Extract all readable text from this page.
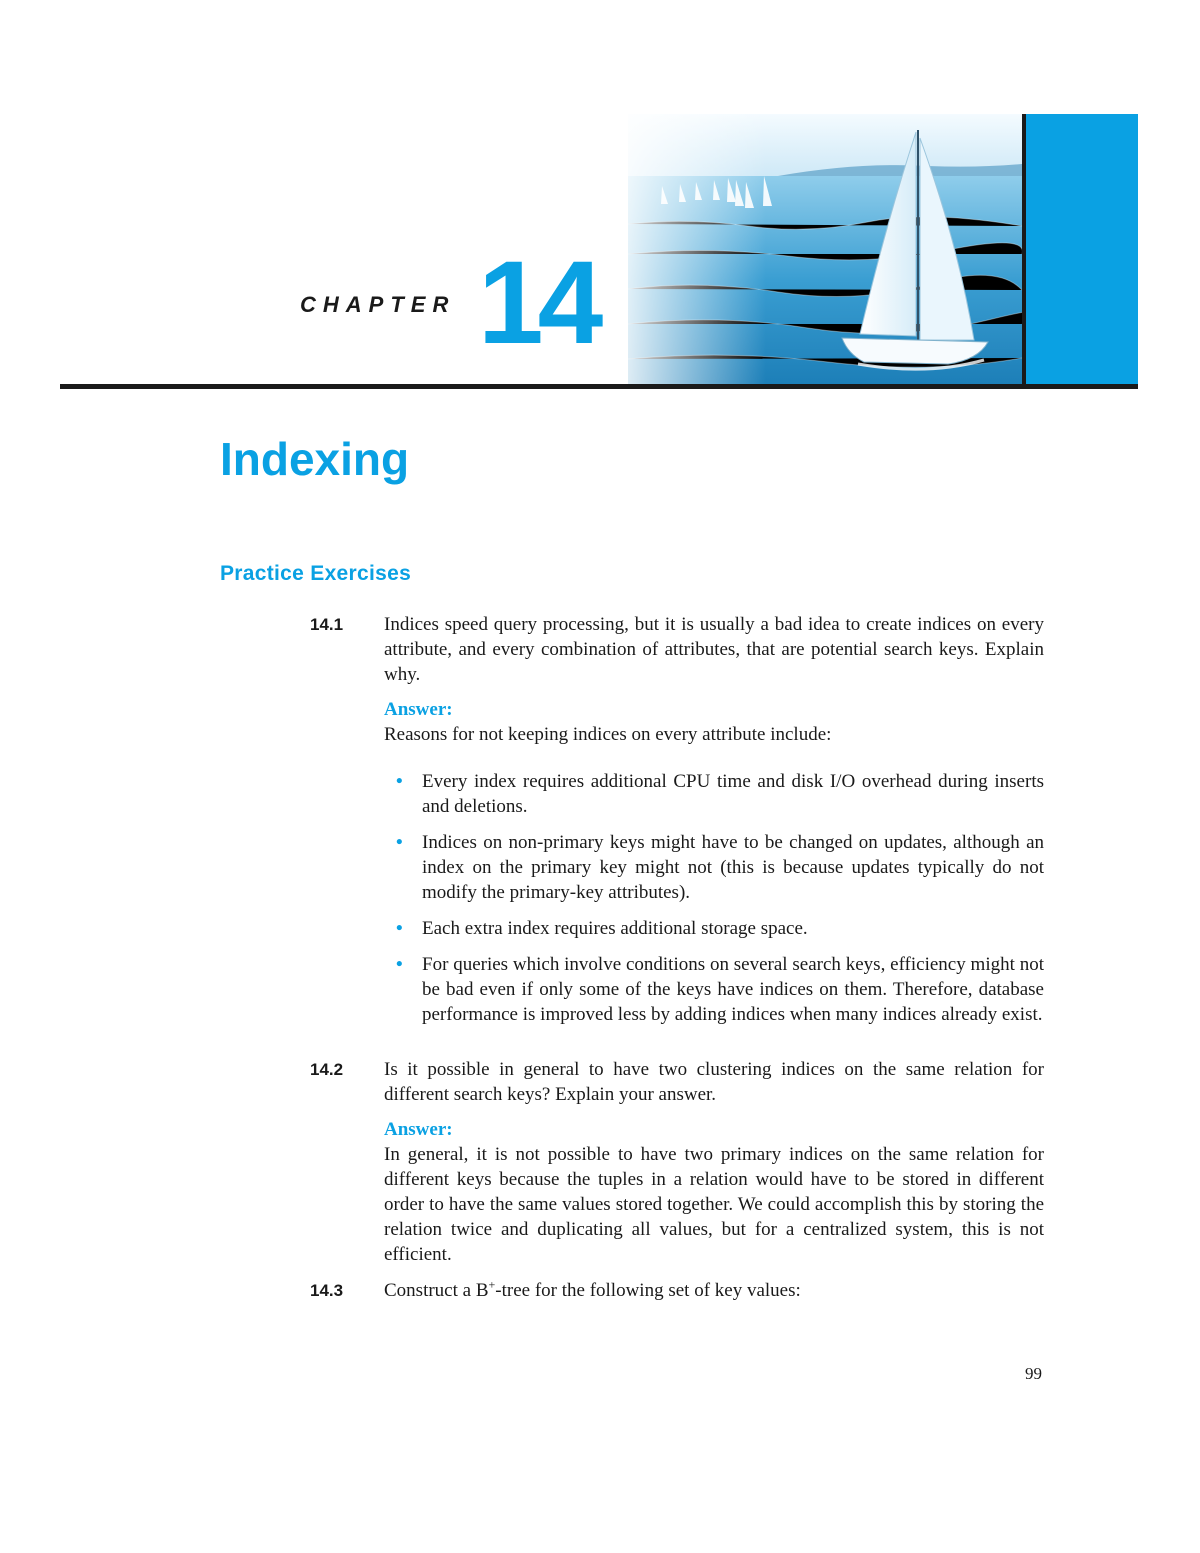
CHAPTER 14
Indexing
Practice Exercises
14.1 Indices speed query processing, but it is usually a bad idea to create indices on every attribute, and every combination of attributes, that are potential search keys. Explain why.

Answer:

Reasons for not keeping indices on every attribute include:

• Every index requires additional CPU time and disk I/O overhead during inserts and deletions.
• Indices on non-primary keys might have to be changed on updates, although an index on the primary key might not (this is because updates typically do not modify the primary-key attributes).
• Each extra index requires additional storage space.
• For queries which involve conditions on several search keys, efficiency might not be bad even if only some of the keys have indices on them. Therefore, database performance is improved less by adding indices when many indices already exist.
14.2 Is it possible in general to have two clustering indices on the same relation for different search keys? Explain your answer.

Answer:

In general, it is not possible to have two primary indices on the same relation for different keys because the tuples in a relation would have to be stored in different order to have the same values stored together. We could accomplish this by storing the relation twice and duplicating all values, but for a centralized system, this is not efficient.

14.3 Construct a B+-tree for the following set of key values:

99
